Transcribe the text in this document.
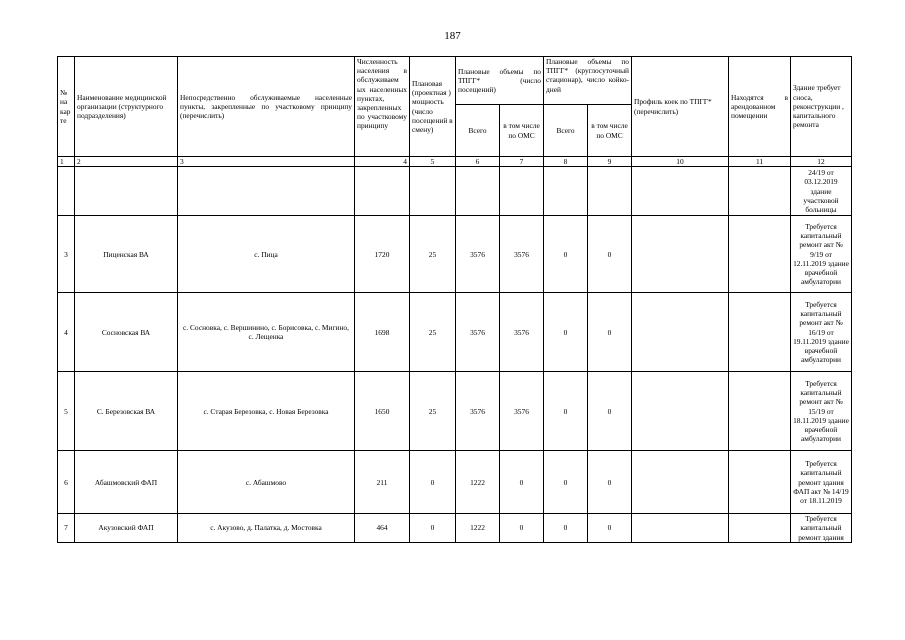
187
№ на кар те	Наименование медицинской организации (структурного подразделения)	Непосредственно обслуживаемые населенные пункты, закрепленные по участковому принципу (перечислить)	Численность населения в обслуживаем ых населенных пунктах, закрепленных по участковому принципу	Плановая (проектная ) мощность (число посещений в смену)	Плановые объемы по ТПГГ* (число посещений)		Плановые объемы по ТПГГ* (круглосуточный стационар), число койко-дней		Профиль коек по ТПГГ* (перечислить)	Находятся в арендованном помещении	Здание требует сноса, реконструкции , капитального ремонта
					Всего	в том числе по ОМС	Всего	в том числе по ОМС			
1	2	3	4	5	6	7	8	9	10	11	12
											24/19 от 03.12.2019 здание участковой больницы
3	Пиценская ВА	с. Пица	1720	25	3576	3576	0	0			Требуется капитальный ремонт акт № 9/19 от 12.11.2019 здание врачебной амбулатории
4	Сосновская ВА	с. Сосновка, с. Вершинино, с. Борисовка, с. Мигино, с. Лещенка	1698	25	3576	3576	0	0			Требуется капитальный ремонт акт № 16/19 от 19.11.2019 здание врачебной амбулатории
5	С. Березовская ВА	с. Старая Березовка, с. Новая Березовка	1650	25	3576	3576	0	0			Требуется капитальный ремонт акт № 15/19 от 18.11.2019 здание врачебной амбулатории
6	Абашмовский ФАП	с. Абашмово	211	0	1222	0	0	0			Требуется капитальный ремонт здания ФАП акт № 14/19 от 18.11.2019
7	Акузовский ФАП	с. Акузово, д. Палатка, д. Мостовка	464	0	1222	0	0	0			Требуется капитальный ремонт здания
